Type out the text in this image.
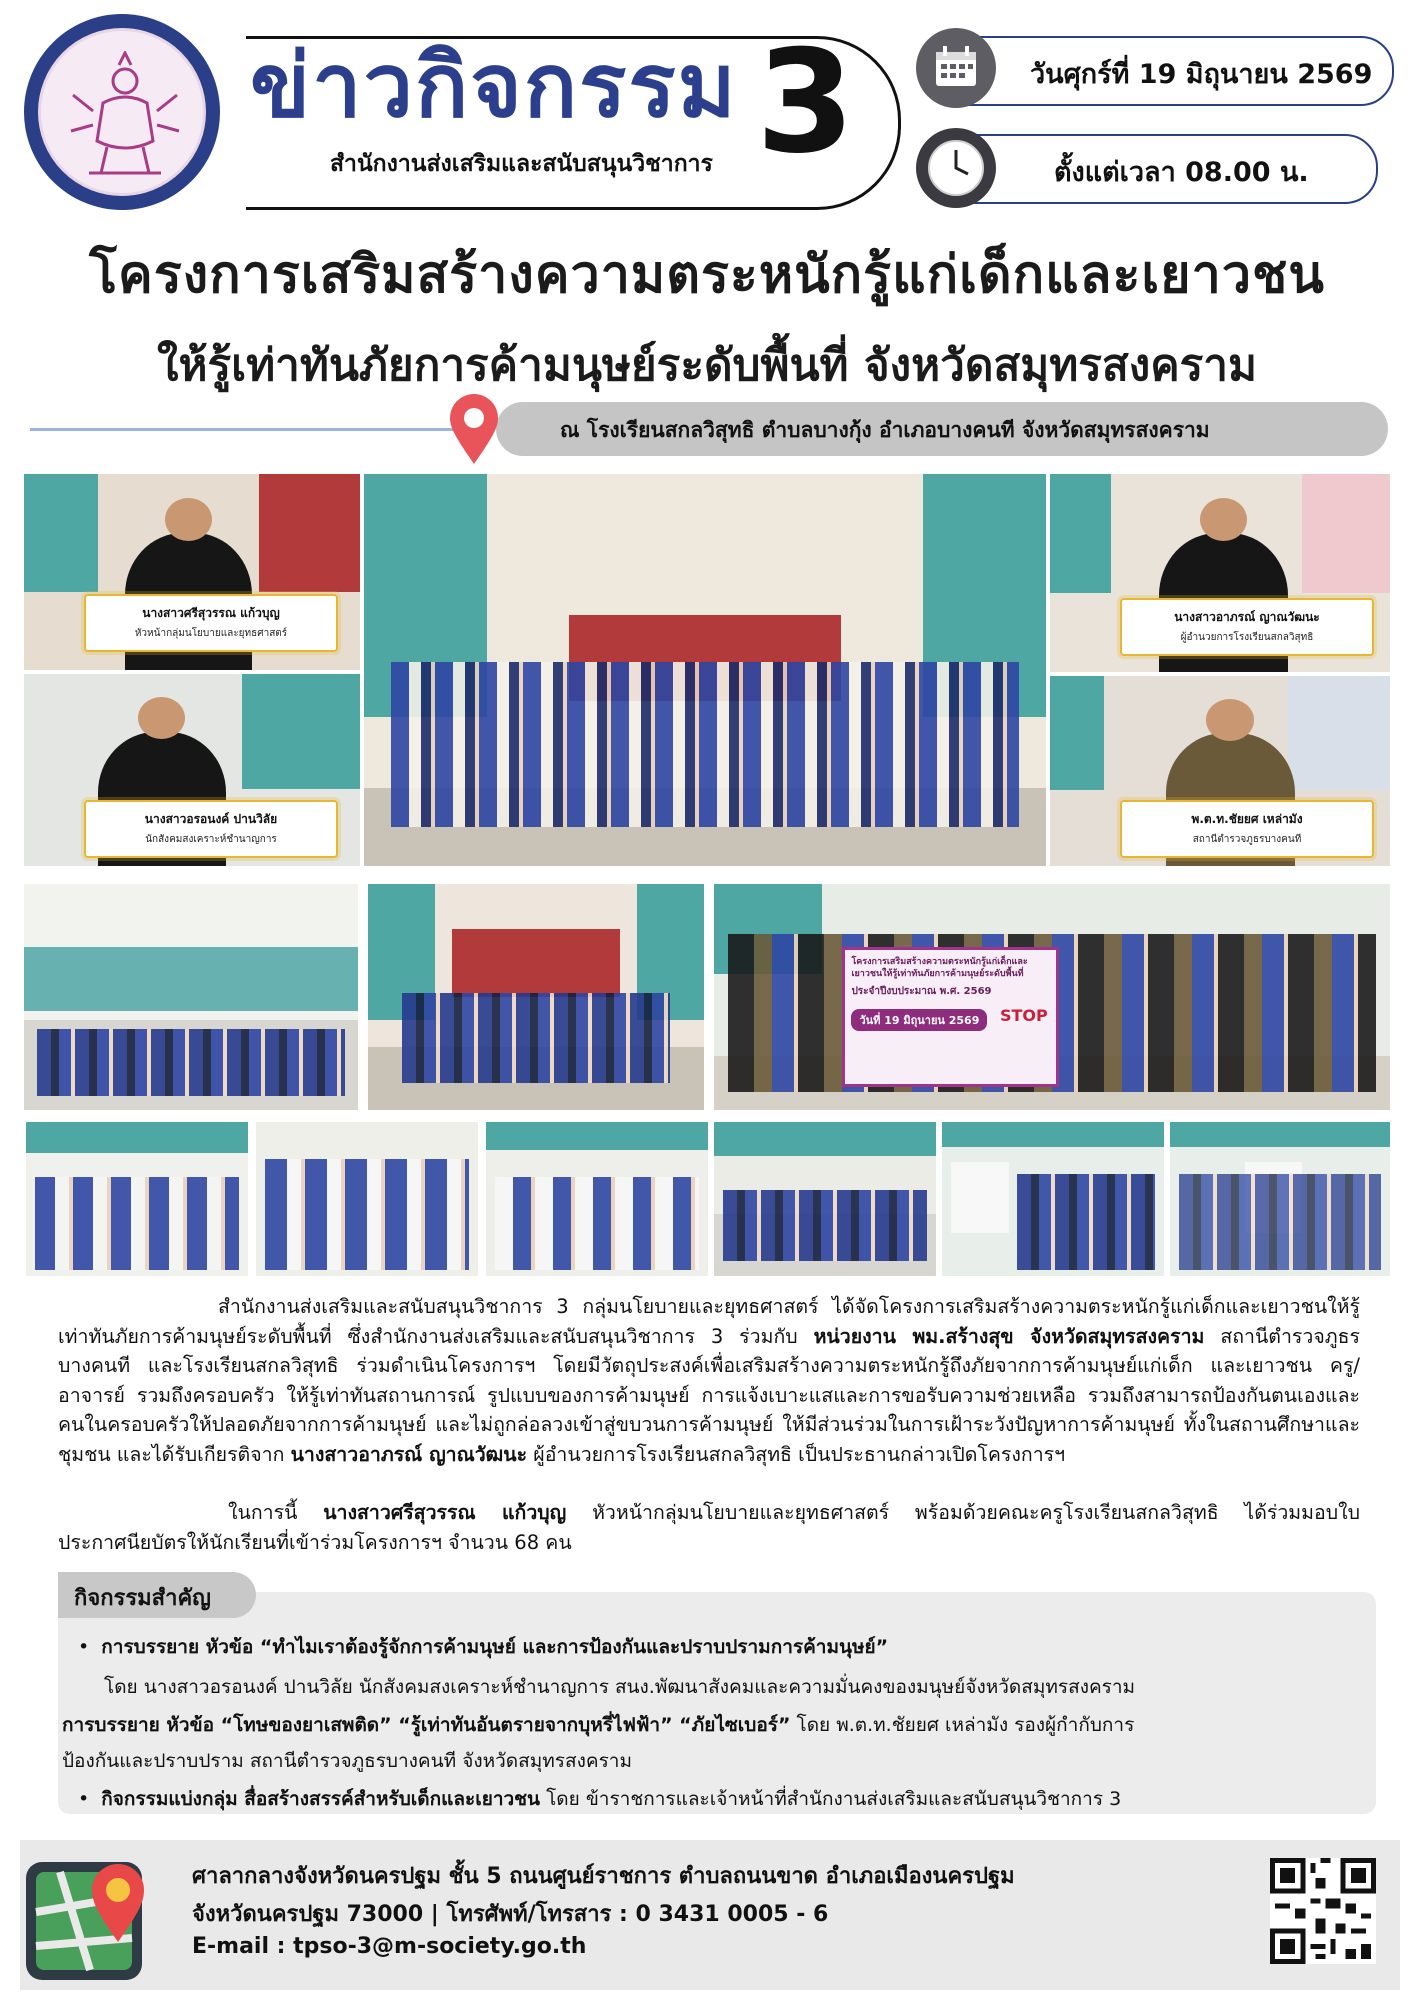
ข่าวกิจกรรม 3
สำนักงานส่งเสริมและสนับสนุนวิชาการ
วันศุกร์ที่ 19 มิถุนายน 2569
ตั้งแต่เวลา 08.00 น.
โครงการเสริมสร้างความตระหนักรู้แก่เด็กและเยาวชน
ให้รู้เท่าทันภัยการค้ามนุษย์ระดับพื้นที่ จังหวัดสมุทรสงคราม
ณ โรงเรียนสกลวิสุทธิ ตำบลบางกุ้ง อำเภอบางคนที จังหวัดสมุทรสงคราม
นางสาวศรีสุวรรณ แก้วบุญ
หัวหน้ากลุ่มนโยบายและยุทธศาสตร์
นางสาวอรอนงค์ ปานวิลัย
นักสังคมสงเคราะห์ชำนาญการ
นางสาวอาภรณ์ ญาณวัฒนะ
ผู้อำนวยการโรงเรียนสกลวิสุทธิ
พ.ต.ท.ชัยยศ เหล่ามัง
สถานีตำรวจภูธรบางคนที
โครงการเสริมสร้างความตระหนักรู้แก่เด็กและเยาวชนให้รู้เท่าทันภัยการค้ามนุษย์ระดับพื้นที่
ประจำปีงบประมาณ พ.ศ. 2569
วันที่ 19 มิถุนายน 2569 STOP
สำนักงานส่งเสริมและสนับสนุนวิชาการ 3 กลุ่มนโยบายและยุทธศาสตร์ ได้จัดโครงการเสริมสร้างความตระหนักรู้แก่เด็กและเยาวชนให้รู้เท่าทันภัยการค้ามนุษย์ระดับพื้นที่ ซึ่งสำนักงานส่งเสริมและสนับสนุนวิชาการ 3 ร่วมกับ หน่วยงาน พม.สร้างสุข จังหวัดสมุทรสงคราม สถานีตำรวจภูธรบางคนที และโรงเรียนสกลวิสุทธิ ร่วมดำเนินโครงการฯ โดยมีวัตถุประสงค์เพื่อเสริมสร้างความตระหนักรู้ถึงภัยจากการค้ามนุษย์แก่เด็ก และเยาวชน ครู/อาจารย์ รวมถึงครอบครัว ให้รู้เท่าทันสถานการณ์ รูปแบบของการค้ามนุษย์ การแจ้งเบาะแสและการขอรับความช่วยเหลือ รวมถึงสามารถป้องกันตนเองและคนในครอบครัวให้ปลอดภัยจากการค้ามนุษย์ และไม่ถูกล่อลวงเข้าสู่ขบวนการค้ามนุษย์ ให้มีส่วนร่วมในการเฝ้าระวังปัญหาการค้ามนุษย์ ทั้งในสถานศึกษาและชุมชน และได้รับเกียรติจาก นางสาวอาภรณ์ ญาณวัฒนะ ผู้อำนวยการโรงเรียนสกลวิสุทธิ เป็นประธานกล่าวเปิดโครงการฯ
ในการนี้ นางสาวศรีสุวรรณ แก้วบุญ หัวหน้ากลุ่มนโยบายและยุทธศาสตร์ พร้อมด้วยคณะครูโรงเรียนสกลวิสุทธิ ได้ร่วมมอบใบประกาศนียบัตรให้นักเรียนที่เข้าร่วมโครงการฯ จำนวน 68 คน
กิจกรรมสำคัญ
•  การบรรยาย หัวข้อ “ทำไมเราต้องรู้จักการค้ามนุษย์ และการป้องกันและปราบปรามการค้ามนุษย์”
โดย นางสาวอรอนงค์ ปานวิลัย นักสังคมสงเคราะห์ชำนาญการ สนง.พัฒนาสังคมและความมั่นคงของมนุษย์จังหวัดสมุทรสงคราม
การบรรยาย หัวข้อ “โทษของยาเสพติด” “รู้เท่าทันอันตรายจากบุหรี่ไฟฟ้า” “ภัยไซเบอร์” โดย พ.ต.ท.ชัยยศ เหล่ามัง รองผู้กำกับการ
ป้องกันและปราบปราม สถานีตำรวจภูธรบางคนที จังหวัดสมุทรสงคราม
•  กิจกรรมแบ่งกลุ่ม สื่อสร้างสรรค์สำหรับเด็กและเยาวชน โดย ข้าราชการและเจ้าหน้าที่สำนักงานส่งเสริมและสนับสนุนวิชาการ 3
ศาลากลางจังหวัดนครปฐม ชั้น 5 ถนนศูนย์ราชการ ตำบลถนนขาด อำเภอเมืองนครปฐม
จังหวัดนครปฐม 73000 | โทรศัพท์/โทรสาร : 0 3431 0005 - 6
E-mail : tpso-3@m-society.go.th
